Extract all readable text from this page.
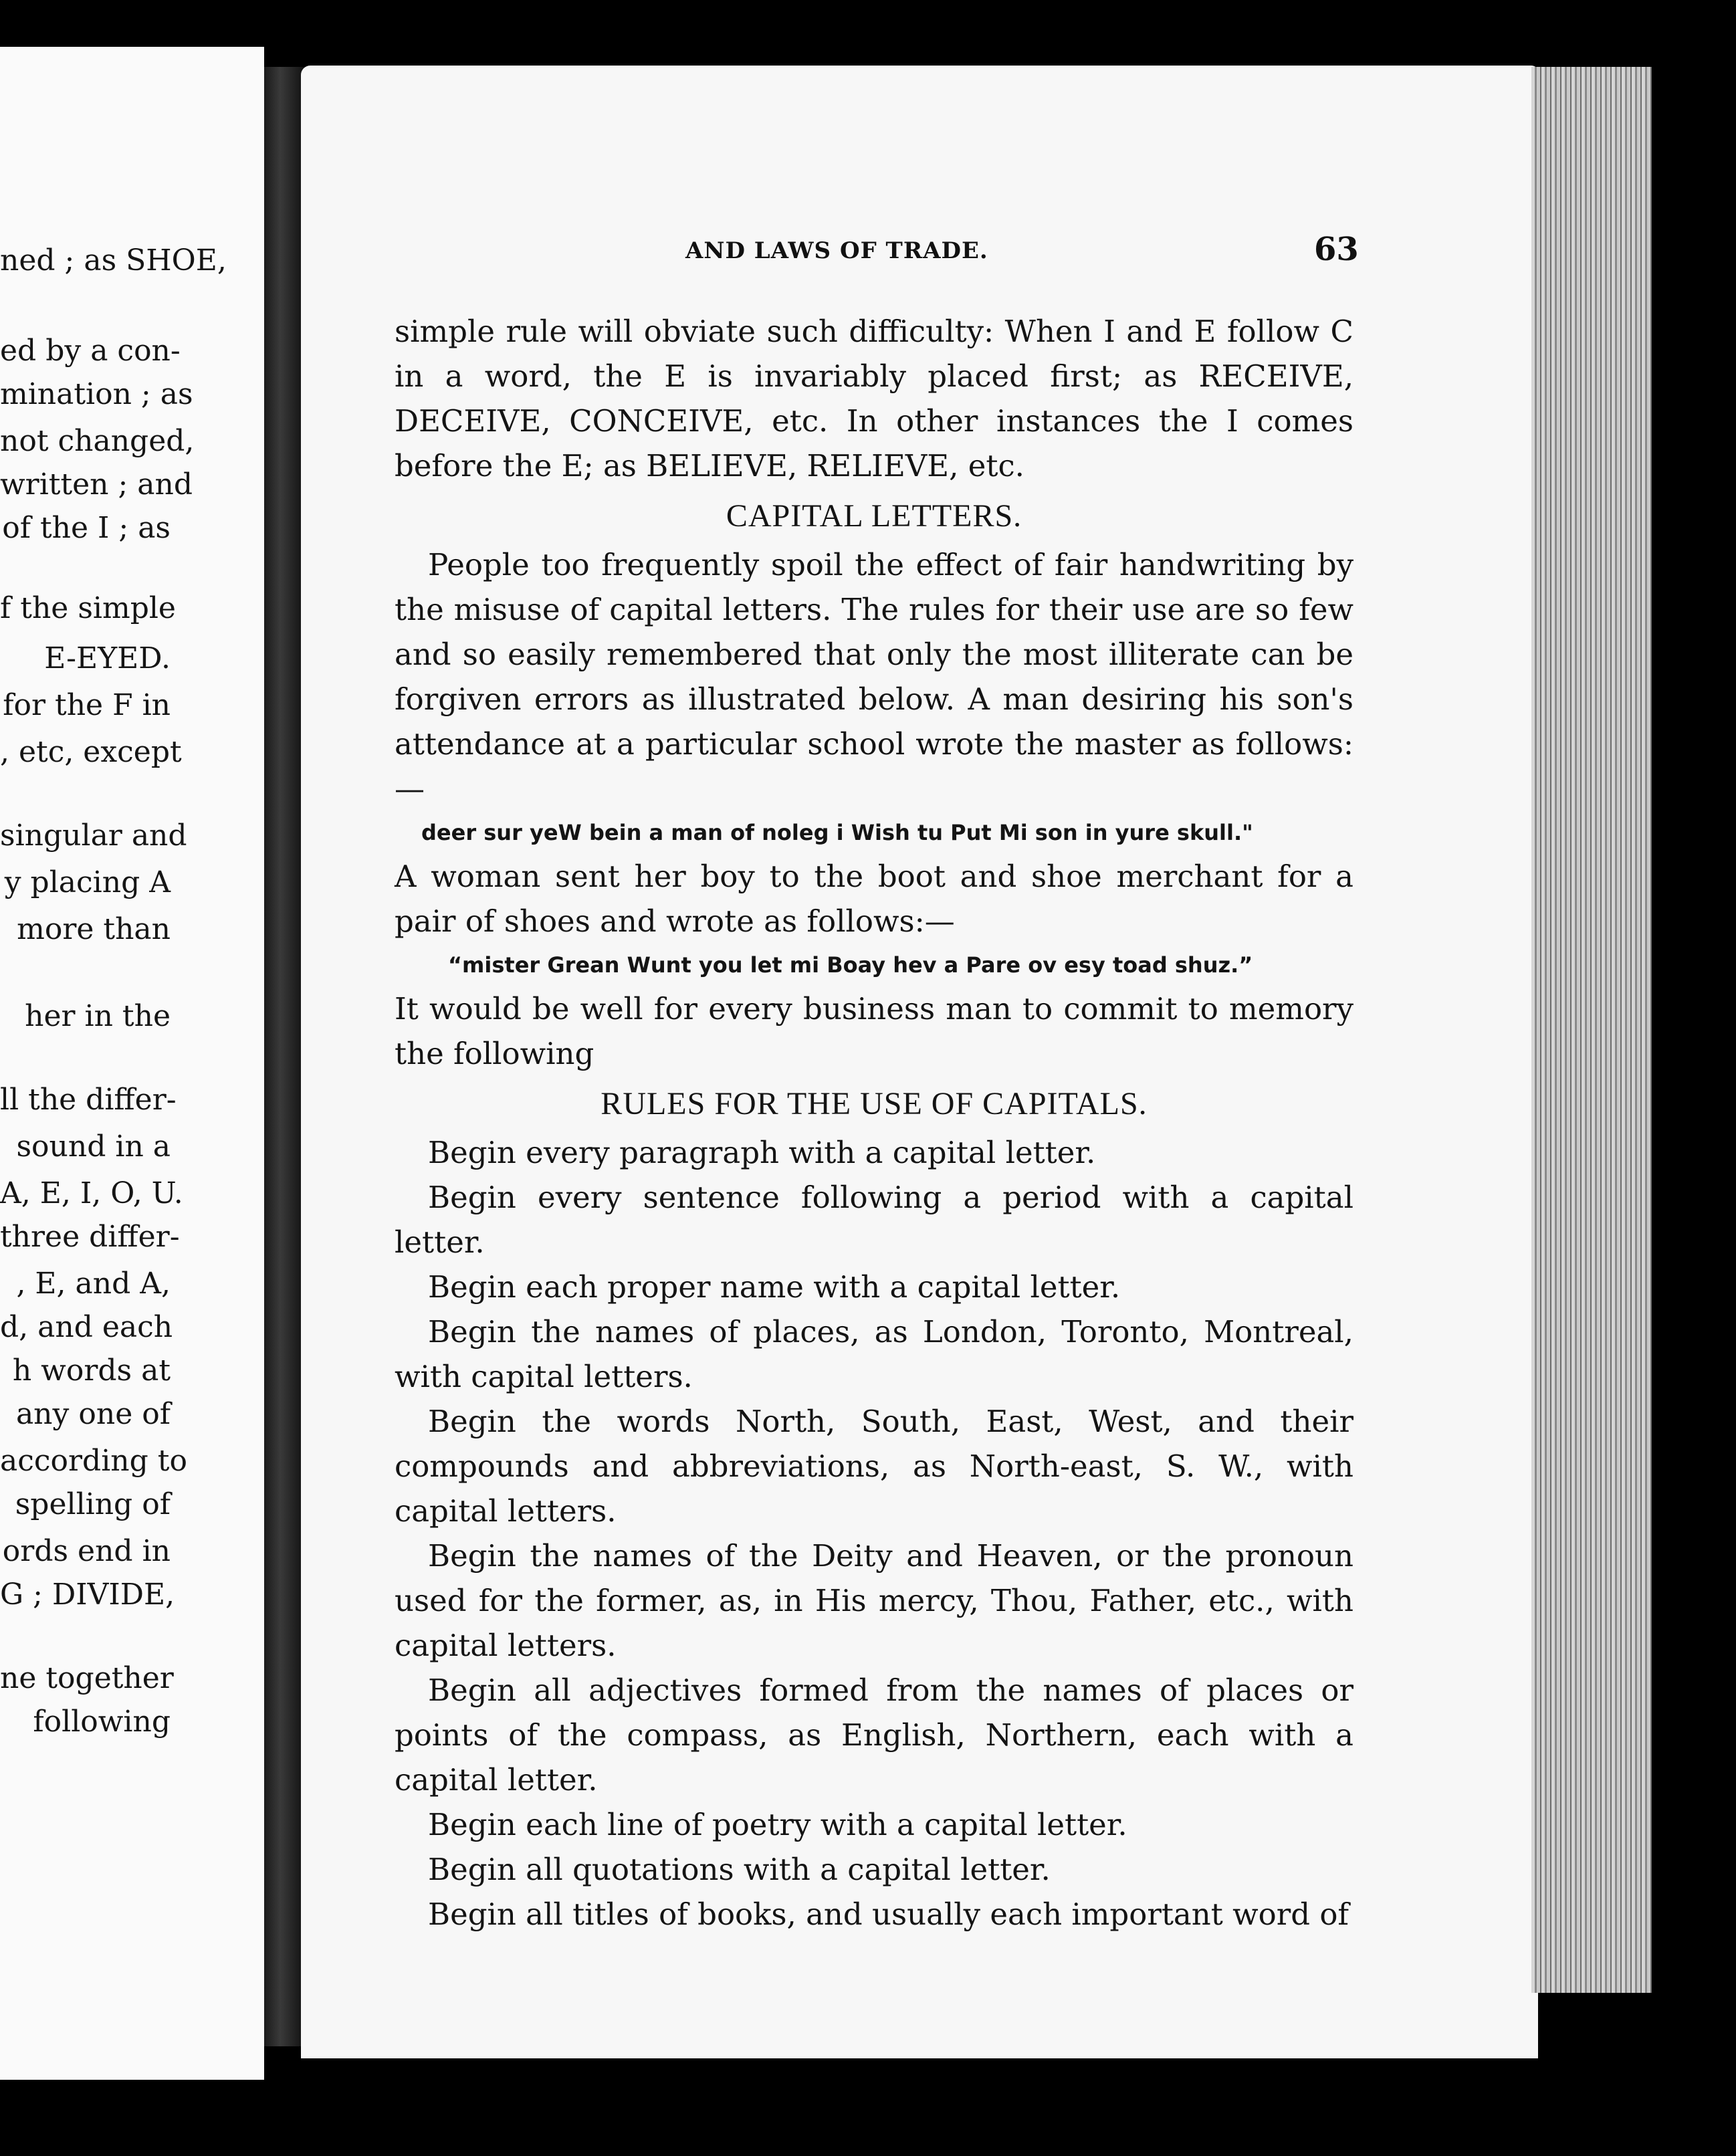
ned ; as SHOE,
ed by a con-
mination ; as
not changed,
written ; and
of the I ; as
f the simple
E-EYED.
for the F in
, etc, except
singular and
y placing A
more than
her in the
ll the differ-
sound in a
A, E, I, O, U.
three differ-
, E, and A,
d, and each
h words at
any one of
according to
spelling of
ords end in
G ; DIVIDE,
ne together
following
AND LAWS OF TRADE.	63

simple rule will obviate such difficulty: When I and E follow C in a word, the E is invariably placed first; as RECEIVE, DECEIVE, CONCEIVE, etc. In other instances the I comes before the E; as BELIEVE, RELIEVE, etc.

CAPITAL LETTERS.

People too frequently spoil the effect of fair handwriting by the misuse of capital letters. The rules for their use are so few and so easily remembered that only the most illiterate can be forgiven errors as illustrated below. A man desiring his son's attendance at a particular school wrote the master as follows:—

deer sur yeW bein a man of noleg i Wish tu Put Mi son in yure skull."

A woman sent her boy to the boot and shoe merchant for a pair of shoes and wrote as follows:—

“mister Grean Wunt you let mi Boay hev a Pare ov esy toad shuz.”

It would be well for every business man to commit to memory the following

RULES FOR THE USE OF CAPITALS.

Begin every paragraph with a capital letter.

Begin every sentence following a period with a capital letter.

Begin each proper name with a capital letter.

Begin the names of places, as London, Toronto, Montreal, with capital letters.

Begin the words North, South, East, West, and their compounds and abbreviations, as North-east, S. W., with capital letters.

Begin the names of the Deity and Heaven, or the pronoun used for the former, as, in His mercy, Thou, Father, etc., with capital letters.

Begin all adjectives formed from the names of places or points of the compass, as English, Northern, each with a capital letter.

Begin each line of poetry with a capital letter.

Begin all quotations with a capital letter.

Begin all titles of books, and usually each important word of
